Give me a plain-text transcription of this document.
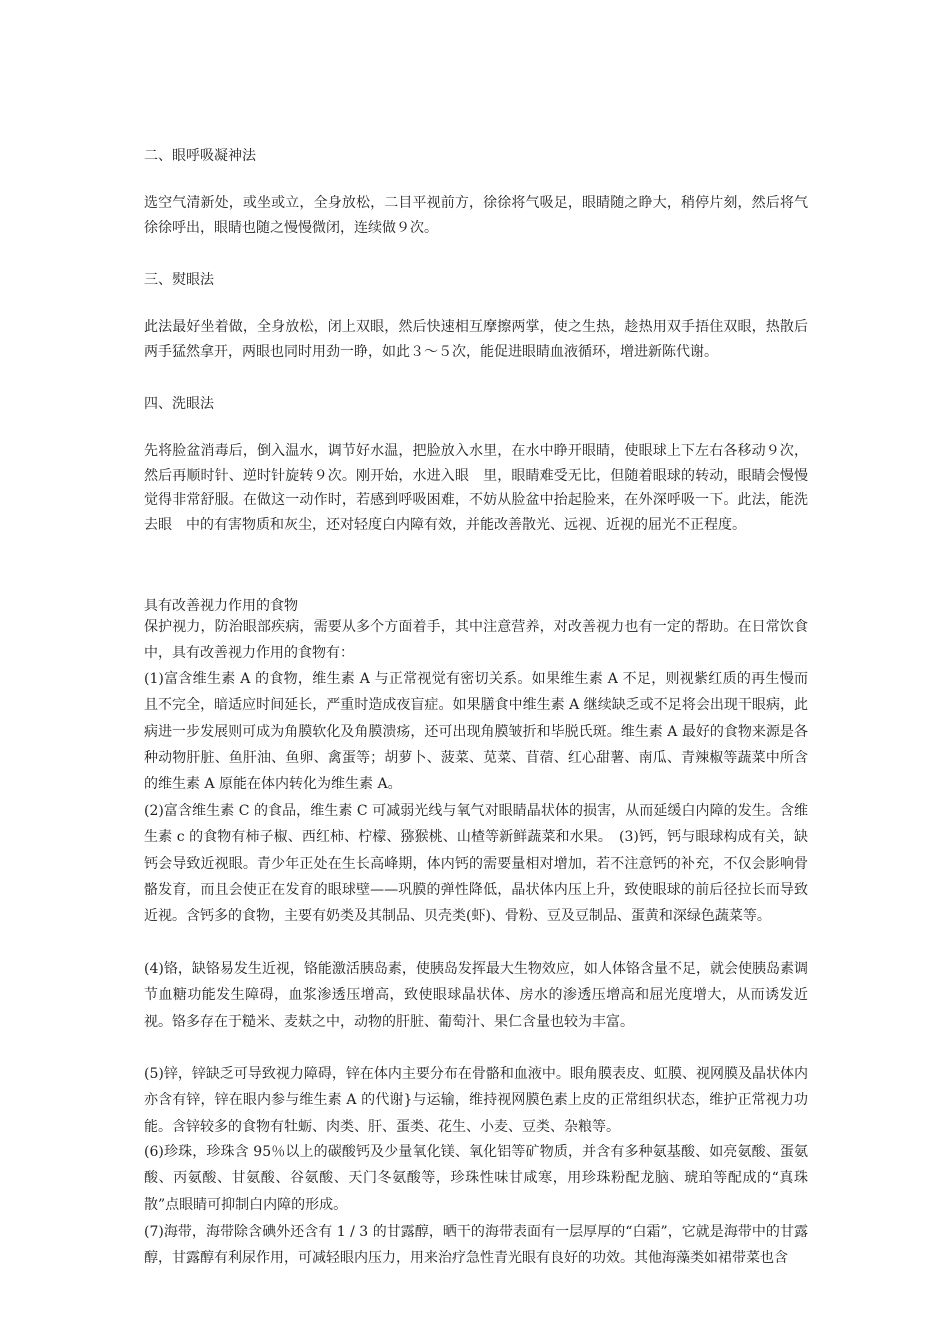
二、眼呼吸凝神法

选空气清新处，或坐或立，全身放松，二目平视前方，徐徐将气吸足，眼睛随之睁大，稍停片刻，然后将气徐徐呼出，眼睛也随之慢慢微闭，连续做９次。

三、熨眼法

此法最好坐着做，全身放松，闭上双眼，然后快速相互摩擦两掌，使之生热，趁热用双手捂住双眼，热散后两手猛然拿开，两眼也同时用劲一睁，如此３～５次，能促进眼睛血液循环，增进新陈代谢。

四、洗眼法

先将脸盆消毒后，倒入温水，调节好水温，把脸放入水里，在水中睁开眼睛，使眼球上下左右各移动９次，然后再顺时针、逆时针旋转９次。刚开始，水进入眼　里，眼睛难受无比，但随着眼球的转动，眼睛会慢慢觉得非常舒服。在做这一动作时，若感到呼吸困难，不妨从脸盆中抬起脸来，在外深呼吸一下。此法，能洗去眼　中的有害物质和灰尘，还对轻度白内障有效，并能改善散光、远视、近视的屈光不正程度。

具有改善视力作用的食物

保护视力，防治眼部疾病，需要从多个方面着手，其中注意营养，对改善视力也有一定的帮助。在日常饮食中，具有改善视力作用的食物有：

(1)富含维生素 A 的食物，维生素 A 与正常视觉有密切关系。如果维生素 A 不足，则视紫红质的再生慢而且不完全，暗适应时间延长，严重时造成夜盲症。如果膳食中维生素 A 继续缺乏或不足将会出现干眼病，此病进一步发展则可成为角膜软化及角膜溃疡，还可出现角膜皱折和毕脱氏斑。维生素 A 最好的食物来源是各种动物肝脏、鱼肝油、鱼卵、禽蛋等；胡萝卜、菠菜、苋菜、苜蓿、红心甜薯、南瓜、青辣椒等蔬菜中所含的维生素 A 原能在体内转化为维生素 A。

(2)富含维生素 C 的食品，维生素 C 可减弱光线与氧气对眼睛晶状体的损害，从而延缓白内障的发生。含维生素 c 的食物有柿子椒、西红柿、柠檬、猕猴桃、山楂等新鲜蔬菜和水果。　(3)钙，钙与眼球构成有关，缺钙会导致近视眼。青少年正处在生长高峰期，体内钙的需要量相对增加，若不注意钙的补充，不仅会影响骨骼发育，而且会使正在发育的眼球壁——巩膜的弹性降低，晶状体内压上升，致使眼球的前后径拉长而导致近视。含钙多的食物，主要有奶类及其制品、贝壳类(虾)、骨粉、豆及豆制品、蛋黄和深绿色蔬菜等。

(4)铬，缺铬易发生近视，铬能激活胰岛素，使胰岛发挥最大生物效应，如人体铬含量不足，就会使胰岛素调节血糖功能发生障碍，血浆渗透压增高，致使眼球晶状体、房水的渗透压增高和屈光度增大，从而诱发近视。铬多存在于糙米、麦麸之中，动物的肝脏、葡萄汁、果仁含量也较为丰富。

(5)锌，锌缺乏可导致视力障碍，锌在体内主要分布在骨骼和血液中。眼角膜表皮、虹膜、视网膜及晶状体内亦含有锌，锌在眼内参与维生素 A 的代谢}与运输，维持视网膜色素上皮的正常组织状态，维护正常视力功能。含锌较多的食物有牡蛎、肉类、肝、蛋类、花生、小麦、豆类、杂粮等。

(6)珍珠，珍珠含 95％以上的碳酸钙及少量氧化镁、氧化铝等矿物质，并含有多种氨基酸、如亮氨酸、蛋氨酸、丙氨酸、甘氨酸、谷氨酸、天门冬氨酸等，珍珠性味甘咸寒，用珍珠粉配龙脑、琥珀等配成的“真珠散”点眼睛可抑制白内障的形成。

(7)海带，海带除含碘外还含有 1 / 3 的甘露醇，晒干的海带表面有一层厚厚的“白霜”，它就是海带中的甘露醇，甘露醇有利尿作用，可减轻眼内压力，用来治疗急性青光眼有良好的功效。其他海藻类如裙带菜也含
